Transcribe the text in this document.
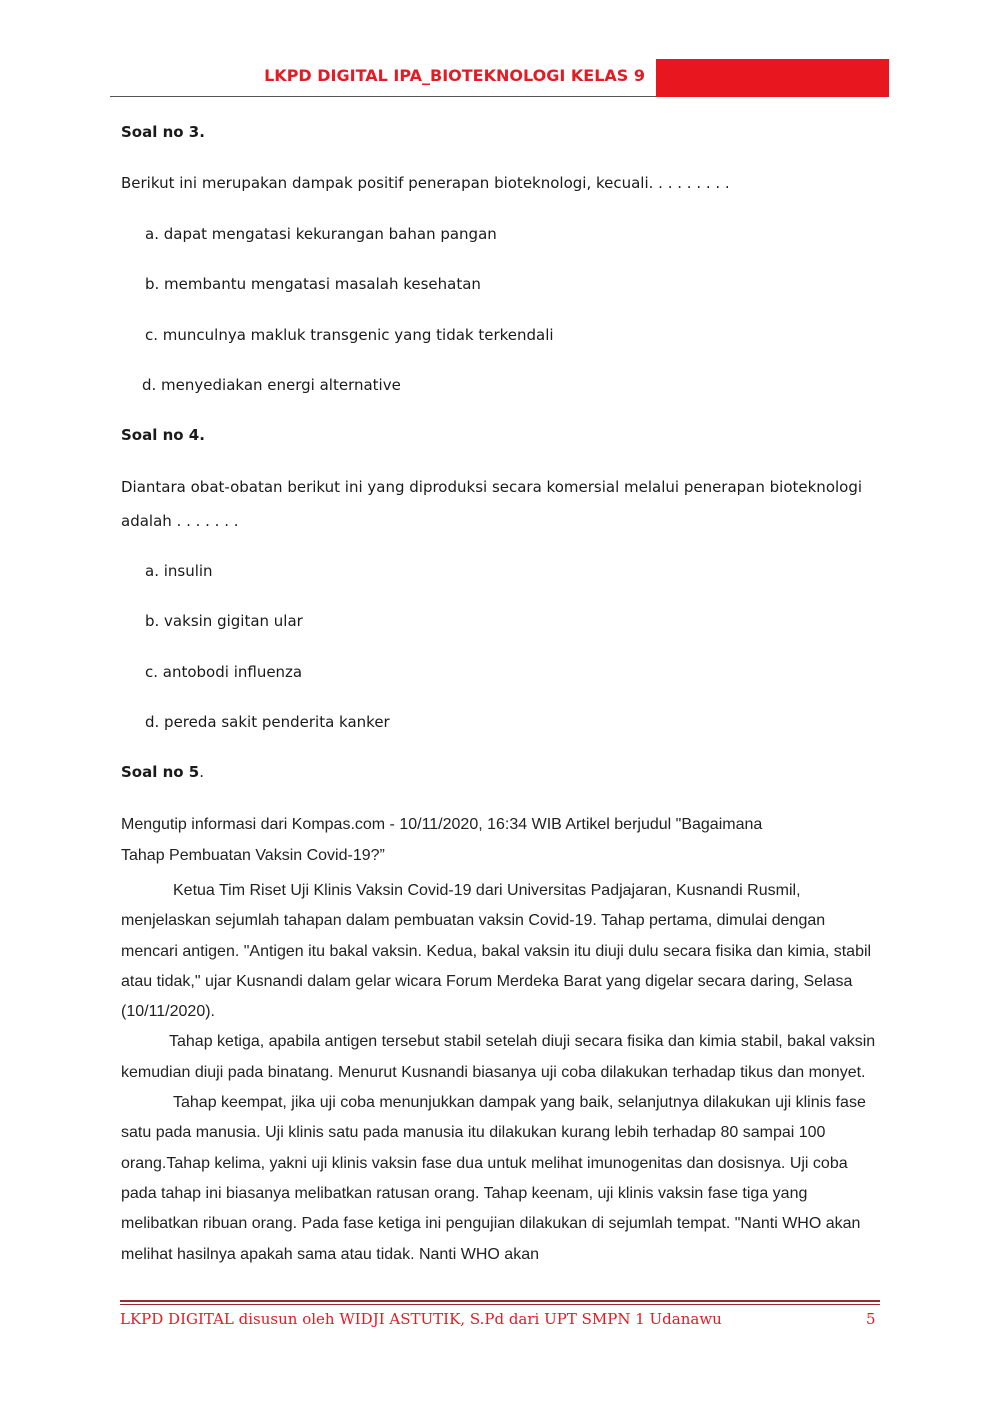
LKPD DIGITAL IPA_BIOTEKNOLOGI KELAS 9
Soal no 3.
Berikut ini merupakan dampak positif penerapan bioteknologi, kecuali. . . . . . . . .
a. dapat mengatasi kekurangan bahan pangan
b. membantu mengatasi masalah kesehatan
c. munculnya makluk transgenic yang tidak terkendali
d. menyediakan energi alternative
Soal no 4.
Diantara obat-obatan berikut ini yang diproduksi secara komersial melalui penerapan bioteknologi
adalah . . . . . . .
a. insulin
b. vaksin gigitan ular
c. antobodi influenza
d. pereda sakit penderita kanker
Soal no 5.
Mengutip informasi dari Kompas.com - 10/11/2020, 16:34 WIB Artikel berjudul "Bagaimana
Tahap Pembuatan Vaksin Covid-19?”

Ketua Tim Riset Uji Klinis Vaksin Covid-19 dari Universitas Padjajaran, Kusnandi Rusmil, menjelaskan sejumlah tahapan dalam pembuatan vaksin Covid-19. Tahap pertama, dimulai dengan mencari antigen. "Antigen itu bakal vaksin. Kedua, bakal vaksin itu diuji dulu secara fisika dan kimia, stabil atau tidak," ujar Kusnandi dalam gelar wicara Forum Merdeka Barat yang digelar secara daring, Selasa (10/11/2020).

Tahap ketiga, apabila antigen tersebut stabil setelah diuji secara fisika dan kimia stabil, bakal vaksin kemudian diuji pada binatang. Menurut Kusnandi biasanya uji coba dilakukan terhadap tikus dan monyet.

Tahap keempat, jika uji coba menunjukkan dampak yang baik, selanjutnya dilakukan uji klinis fase satu pada manusia. Uji klinis satu pada manusia itu dilakukan kurang lebih terhadap 80 sampai 100 orang.Tahap kelima, yakni uji klinis vaksin fase dua untuk melihat imunogenitas dan dosisnya. Uji coba pada tahap ini biasanya melibatkan ratusan orang. Tahap keenam, uji klinis vaksin fase tiga yang melibatkan ribuan orang. Pada fase ketiga ini pengujian dilakukan di sejumlah tempat. "Nanti WHO akan melihat hasilnya apakah sama atau tidak. Nanti WHO akan

LKPD DIGITAL disusun oleh WIDJI ASTUTIK, S.Pd dari UPT SMPN 1 Udanawu	5
